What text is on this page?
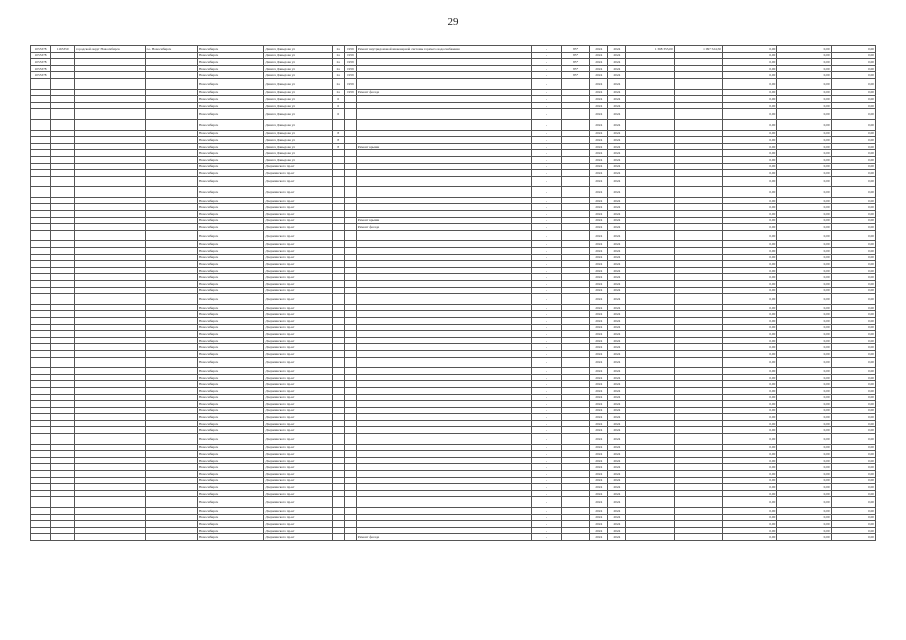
29
1055378	1165350	городской округ Новосибирск	г.о. Новосибирск	Новосибирск	Дениса Давыдова ул	2а	1959	Ремонт внутридомовой инженерной системы горячего водоснабжения	-	85*	2024	2024	1 368 353,00	1 097 524,50	0,00	0,00	0,00
1055378				Новосибирск	Дениса Давыдова ул	2а	1959		-	85*	2024	2024			0,00	0,00	0,00
1055378				Новосибирск	Дениса Давыдова ул	2а	1959		-	85*	2024	2024			0,00	0,00	0,00
1055378				Новосибирск	Дениса Давыдова ул	2а	1959		-	85*	2024	2024			0,00	0,00	0,00
1055378				Новосибирск	Дениса Давыдова ул	2а	1959		-	85*	2024	2024			0,00	0,00	0,00
				Новосибирск	Дениса Давыдова ул	2а	1959		-		2024	2024			0,00	0,00	0,00
				Новосибирск	Дениса Давыдова ул	2а	1959	Ремонт фасада	-		2024	2024			0,00	0,00	0,00
				Новосибирск	Дениса Давыдова ул	6			-		2024	2024			0,00	0,00	0,00
				Новосибирск	Дениса Давыдова ул	6			-		2024	2024			0,00	0,00	0,00
				Новосибирск	Дениса Давыдова ул	6			-		2024	2024			0,00	0,00	0,00
				Новосибирск	Дениса Давыдова ул				-		2024	2024			0,00	0,00	0,00
				Новосибирск	Дениса Давыдова ул	8			-		2024	2024			0,00	0,00	0,00
				Новосибирск	Дениса Давыдова ул	8			-		2024	2024			0,00	0,00	0,00
				Новосибирск	Дениса Давыдова ул	8		Ремонт крыши	-		2024	2024			0,00	0,00	0,00
				Новосибирск	Дениса Давыдова ул				-		2024	2024			0,00	0,00	0,00
				Новосибирск	Дениса Давыдова ул				-		2024	2024			0,00	0,00	0,00
				Новосибирск	Дзержинского пр-кт				-		2024	2024			0,00	0,00	0,00
				Новосибирск	Дзержинского пр-кт				-		2024	2024			0,00	0,00	0,00
				Новосибирск	Дзержинского пр-кт				-		2024	2024			0,00	0,00	0,00
				Новосибирск	Дзержинского пр-кт				-		2024	2024			0,00	0,00	0,00
				Новосибирск	Дзержинского пр-кт				-		2024	2024			0,00	0,00	0,00
				Новосибирск	Дзержинского пр-кт				-		2024	2024			0,00	0,00	0,00
				Новосибирск	Дзержинского пр-кт				-		2024	2024			0,00	0,00	0,00
				Новосибирск	Дзержинского пр-кт			Ремонт крыши	-		2024	2024			0,00	0,00	0,00
				Новосибирск	Дзержинского пр-кт			Ремонт фасада	-		2024	2024			0,00	0,00	0,00
				Новосибирск	Дзержинского пр-кт				-		2024	2024			0,00	0,00	0,00
				Новосибирск	Дзержинского пр-кт				-		2024	2024			0,00	0,00	0,00
				Новосибирск	Дзержинского пр-кт				-		2024	2024			0,00	0,00	0,00
				Новосибирск	Дзержинского пр-кт				-		2024	2024			0,00	0,00	0,00
				Новосибирск	Дзержинского пр-кт				-		2024	2024			0,00	0,00	0,00
				Новосибирск	Дзержинского пр-кт				-		2024	2024			0,00	0,00	0,00
				Новосибирск	Дзержинского пр-кт				-		2024	2024			0,00	0,00	0,00
				Новосибирск	Дзержинского пр-кт				-		2024	2024			0,00	0,00	0,00
				Новосибирск	Дзержинского пр-кт				-		2024	2024			0,00	0,00	0,00
				Новосибирск	Дзержинского пр-кт				-		2024	2024			0,00	0,00	0,00
				Новосибирск	Дзержинского пр-кт				-		2024	2024			0,00	0,00	0,00
				Новосибирск	Дзержинского пр-кт				-		2024	2024			0,00	0,00	0,00
				Новосибирск	Дзержинского пр-кт				-		2024	2024			0,00	0,00	0,00
				Новосибирск	Дзержинского пр-кт				-		2024	2024			0,00	0,00	0,00
				Новосибирск	Дзержинского пр-кт				-		2024	2024			0,00	0,00	0,00
				Новосибирск	Дзержинского пр-кт				-		2024	2024			0,00	0,00	0,00
				Новосибирск	Дзержинского пр-кт				-		2024	2024			0,00	0,00	0,00
				Новосибирск	Дзержинского пр-кт				-		2024	2024			0,00	0,00	0,00
				Новосибирск	Дзержинского пр-кт				-		2024	2024			0,00	0,00	0,00
				Новосибирск	Дзержинского пр-кт				-		2024	2024			0,00	0,00	0,00
				Новосибирск	Дзержинского пр-кт				-		2024	2024			0,00	0,00	0,00
				Новосибирск	Дзержинского пр-кт				-		2024	2024			0,00	0,00	0,00
				Новосибирск	Дзержинского пр-кт				-		2024	2024			0,00	0,00	0,00
				Новосибирск	Дзержинского пр-кт				-		2024	2024			0,00	0,00	0,00
				Новосибирск	Дзержинского пр-кт				-		2024	2024			0,00	0,00	0,00
				Новосибирск	Дзержинского пр-кт				-		2024	2024			0,00	0,00	0,00
				Новосибирск	Дзержинского пр-кт				-		2024	2024			0,00	0,00	0,00
				Новосибирск	Дзержинского пр-кт				-		2024	2024			0,00	0,00	0,00
				Новосибирск	Дзержинского пр-кт				-		2024	2024			0,00	0,00	0,00
				Новосибирск	Дзержинского пр-кт				-		2024	2024			0,00	0,00	0,00
				Новосибирск	Дзержинского пр-кт				-		2024	2024			0,00	0,00	0,00
				Новосибирск	Дзержинского пр-кт				-		2024	2024			0,00	0,00	0,00
				Новосибирск	Дзержинского пр-кт				-		2024	2024			0,00	0,00	0,00
				Новосибирск	Дзержинского пр-кт				-		2024	2024			0,00	0,00	0,00
				Новосибирск	Дзержинского пр-кт				-		2024	2024			0,00	0,00	0,00
				Новосибирск	Дзержинского пр-кт				-		2024	2024			0,00	0,00	0,00
				Новосибирск	Дзержинского пр-кт				-		2024	2024			0,00	0,00	0,00
				Новосибирск	Дзержинского пр-кт				-		2024	2024			0,00	0,00	0,00
				Новосибирск	Дзержинского пр-кт				-		2024	2024			0,00	0,00	0,00
				Новосибирск	Дзержинского пр-кт				-		2024	2024			0,00	0,00	0,00
				Новосибирск	Дзержинского пр-кт				-		2024	2024			0,00	0,00	0,00
				Новосибирск	Дзержинского пр-кт				-		2024	2024			0,00	0,00	0,00
				Новосибирск	Дзержинского пр-кт				-		2024	2024			0,00	0,00	0,00
				Новосибирск	Дзержинского пр-кт			Ремонт фасада	-		2024	2024			0,00	0,00	0,00
